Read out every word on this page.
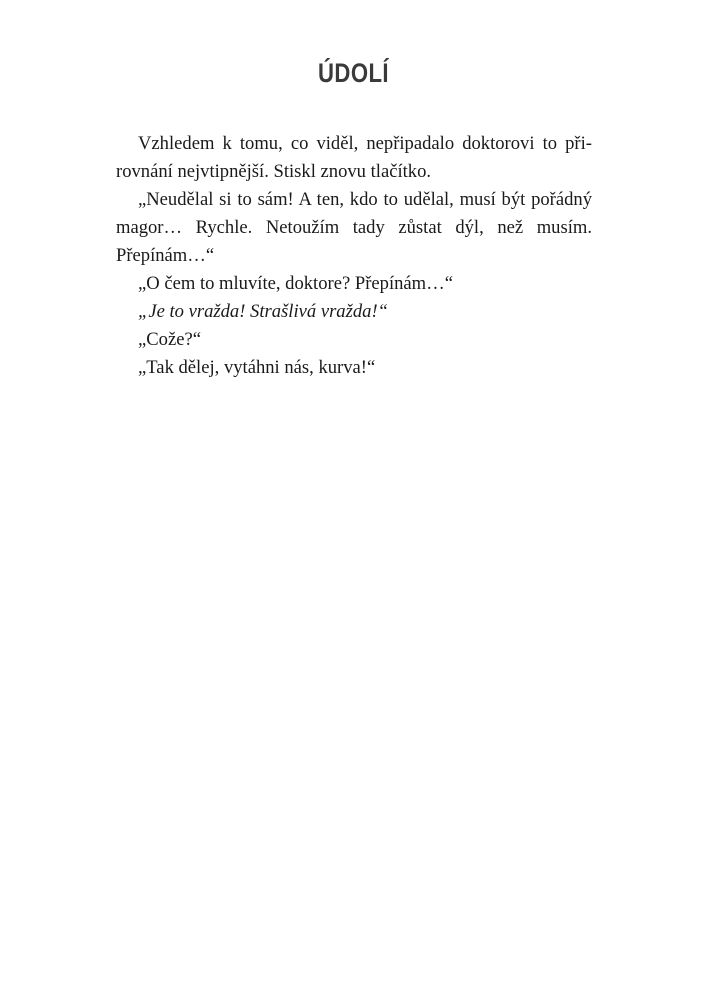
ÚDOLÍ

Vzhledem k tomu, co viděl, nepřipadalo doktorovi to přirovnání nejvtipnější. Stiskl znovu tlačítko.

„Neudělal si to sám! A ten, kdo to udělal, musí být pořádný magor… Rychle. Netoužím tady zůstat dýl, než musím. Přepínám…“

„O čem to mluvíte, doktore? Přepínám…“

„Je to vražda! Strašlivá vražda!“

„Cože?“

„Tak dělej, vytáhni nás, kurva!“
